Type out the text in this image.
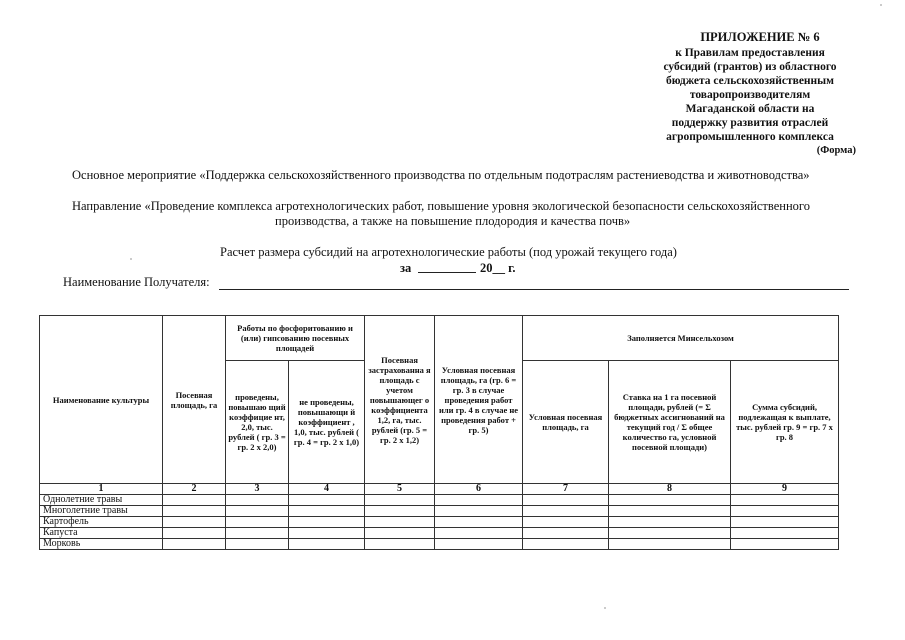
ПРИЛОЖЕНИЕ № 6
к Правилам предоставления
субсидий (грантов) из областного
бюджета сельскохозяйственным
товаропроизводителям
Магаданской области на
поддержку развития отраслей
агропромышленного комплекса
(Форма)
Основное мероприятие «Поддержка сельскохозяйственного производства по отдельным подотраслям растениеводства и животноводства»
Направление «Проведение комплекса агротехнологических работ, повышение уровня экологической безопасности сельскохозяйственного
производства, а также на повышение плодородия и качества почв»
Расчет размера субсидий на агротехнологические работы (под урожай текущего года)
за	20__ г.
Наименование Получателя:
Наименование культуры	Посевная площадь, га	Работы по фосфоритованию и (или) гипсованию посевных площадей		Посевная застрахованна я площадь с учетом повышающег о коэффициента 1,2, га, тыс. рублей (гр. 5 = гр. 2 х 1,2)	Условная посевная площадь, га (гр. 6 = гр. 3 в случае проведения работ или гр. 4 в случае не проведения работ + гр. 5)	Заполняется Минсельхозом		
		проведены, повышаю щий коэффицие нт, 2,0, тыс. рублей ( гр. 3 = гр. 2 х 2,0)	не проведены, повышающи й коэффициент , 1,0, тыс. рублей ( гр. 4 = гр. 2 х 1,0)			Условная посевная площадь, га	Ставка на 1 га посевной площади, рублей (= Σ бюджетных ассигнований на текущий год / Σ общее количество га, условной посевной площади)	Сумма субсидий, подлежащая к выплате, тыс. рублей гр. 9 = гр. 7 х гр. 8
1	2	3	4	5	6	7	8	9
Однолетние травы								
Многолетние травы								
Картофель								
Капуста								
Морковь								
